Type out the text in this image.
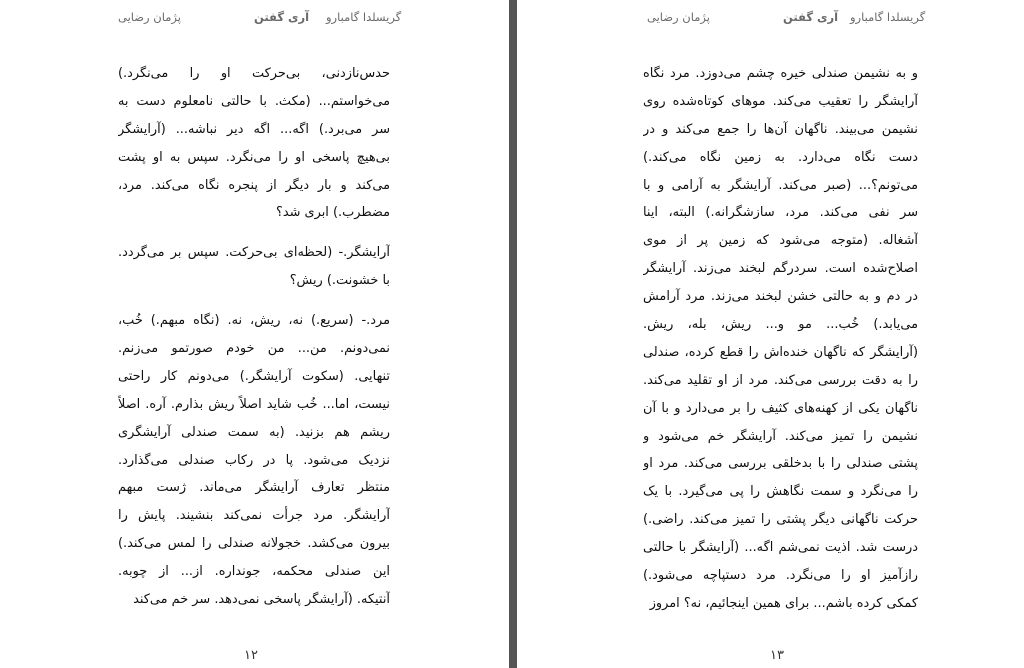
گریسلدا گامبارو
آری گفتن
پژمان رضایی
حدس‌نازدنی، بی‌حرکت او را می‌نگرد.)
می‌خواستم... (مکث. با حالتی نامعلوم دست به
سر می‌برد.) اگه... اگه دیر نباشه... (آرایشگر
بی‌هیچ پاسخی او را می‌نگرد. سپس به او پشت
می‌کند و بار دیگر از پنجره نگاه می‌کند. مرد،
مضطرب.) ابری شد؟
آرایشگر.- (لحظه‌ای بی‌حرکت. سپس بر می‌گردد.
با خشونت.) ریش؟
مرد.- (سریع.) نه، ریش، نه. (نگاه مبهم.) خُب،
نمی‌دونم. من... من خودم صورتمو می‌زنم.
تنهایی. (سکوت آرایشگر.) می‌دونم کار راحتی
نیست، اما... خُب شاید اصلاً ریش بذارم. آره. اصلاً
ریشم هم بزنید. (به سمت صندلی آرایشگری
نزدیک می‌شود. پا در رکاب صندلی می‌گذارد.
منتظر تعارف آرایشگر می‌ماند. ژست مبهم
آرایشگر. مرد جرأت نمی‌کند بنشیند. پایش را
بیرون می‌کشد. خجولانه صندلی را لمس می‌کند.)
این صندلی محکمه، جونداره. از... از چوبه.
آنتیکه. (آرایشگر پاسخی نمی‌دهد. سر خم می‌کند
۱۲
گریسلدا گامبارو
آری گفتن
پژمان رضایی
و به نشیمن صندلی خیره چشم می‌دوزد. مرد نگاه
آرایشگر را تعقیب می‌کند. موهای کوتاه‌شده روی
نشیمن می‌بیند. ناگهان آن‌ها را جمع می‌کند و در
دست نگاه می‌دارد. به زمین نگاه می‌کند.)
می‌تونم؟... (صبر می‌کند. آرایشگر به آرامی و با
سر نفی می‌کند. مرد، سازشگرانه.) البته، اینا
آشغاله. (متوجه می‌شود که زمین پر از موی
اصلاح‌شده است. سردرگم لبخند می‌زند. آرایشگر
در دم و به حالتی خشن لبخند می‌زند. مرد آرامش
می‌یابد.) خُب... مو و... ریش، بله، ریش.
(آرایشگر که ناگهان خنده‌اش را قطع کرده، صندلی
را به دقت بررسی می‌کند. مرد از او تقلید می‌کند.
ناگهان یکی از کهنه‌های کثیف را بر می‌دارد و با آن
نشیمن را تمیز می‌کند. آرایشگر خم می‌شود و
پشتی صندلی را با بدخلقی بررسی می‌کند. مرد او
را می‌نگرد و سمت نگاهش را پی می‌گیرد. با یک
حرکت ناگهانی دیگر پشتی را تمیز می‌کند. راضی.)
درست شد. اذیت نمی‌شم اگه... (آرایشگر با حالتی
رازآمیز او را می‌نگرد. مرد دستپاچه می‌شود.)
کمکی کرده باشم... برای همین اینجائیم، نه؟ امروز
۱۳
